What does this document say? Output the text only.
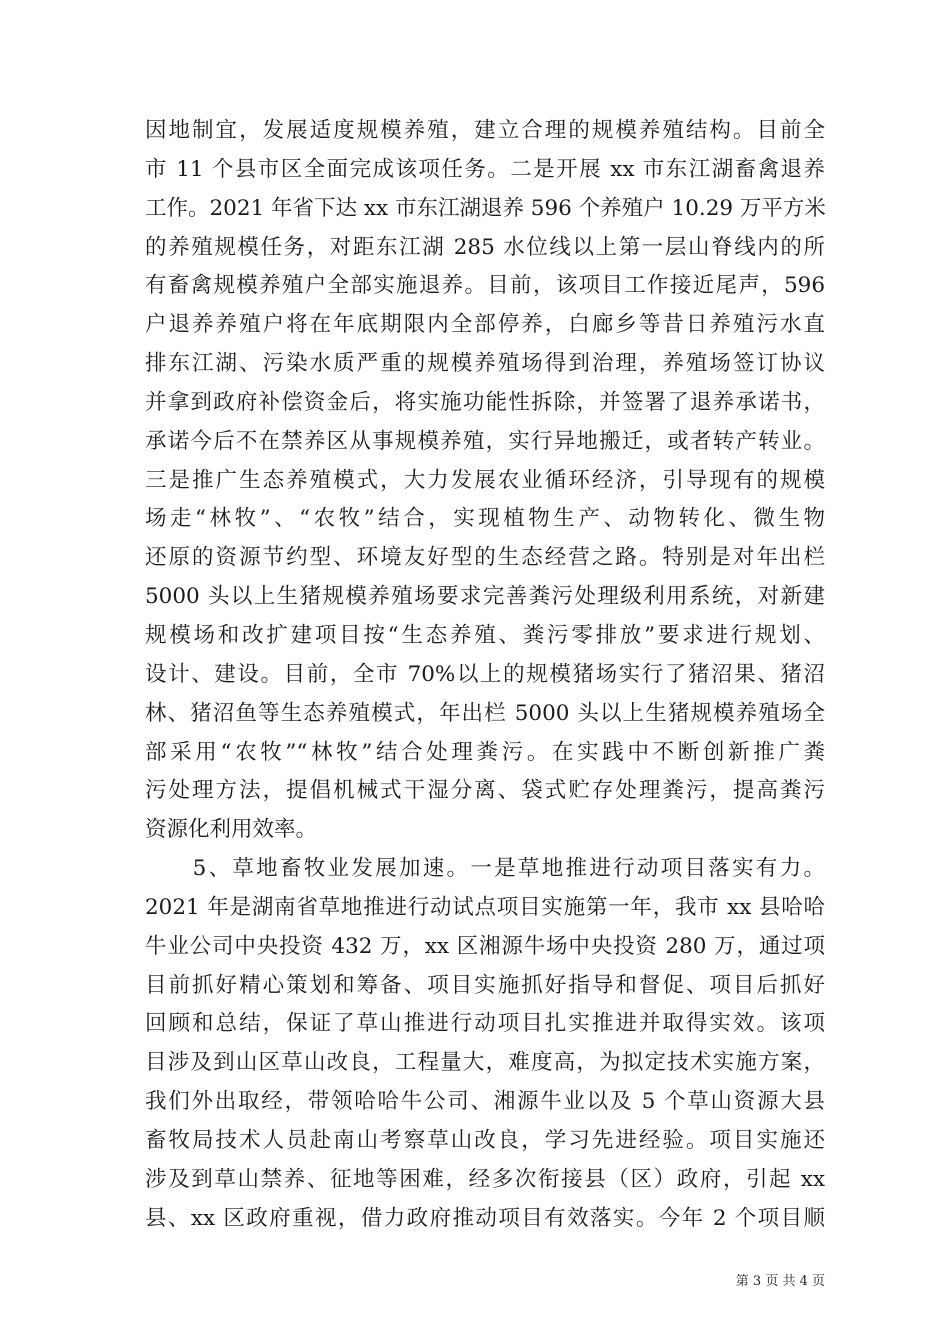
因地制宜，发展适度规模养殖，建立合理的规模养殖结构。目前全
市 11 个县市区全面完成该项任务。二是开展 xx 市东江湖畜禽退养
工作。2021 年省下达 xx 市东江湖退养 596 个养殖户 10.29 万平方米
的养殖规模任务，对距东江湖 285 水位线以上第一层山脊线内的所
有畜禽规模养殖户全部实施退养。目前，该项目工作接近尾声，596
户退养养殖户将在年底期限内全部停养，白廊乡等昔日养殖污水直
排东江湖、污染水质严重的规模养殖场得到治理，养殖场签订协议
并拿到政府补偿资金后，将实施功能性拆除，并签署了退养承诺书，
承诺今后不在禁养区从事规模养殖，实行异地搬迁，或者转产转业。
三是推广生态养殖模式，大力发展农业循环经济，引导现有的规模
场走“林牧”、“农牧”结合，实现植物生产、动物转化、微生物
还原的资源节约型、环境友好型的生态经营之路。特别是对年出栏
5000 头以上生猪规模养殖场要求完善粪污处理级利用系统，对新建
规模场和改扩建项目按“生态养殖、粪污零排放”要求进行规划、
设计、建设。目前，全市 70%以上的规模猪场实行了猪沼果、猪沼
林、猪沼鱼等生态养殖模式，年出栏 5000 头以上生猪规模养殖场全
部采用“农牧”“林牧”结合处理粪污。在实践中不断创新推广粪
污处理方法，提倡机械式干湿分离、袋式贮存处理粪污，提高粪污
资源化利用效率。
　　5、草地畜牧业发展加速。一是草地推进行动项目落实有力。
2021 年是湖南省草地推进行动试点项目实施第一年，我市 xx 县哈哈
牛业公司中央投资 432 万，xx 区湘源牛场中央投资 280 万，通过项
目前抓好精心策划和筹备、项目实施抓好指导和督促、项目后抓好
回顾和总结，保证了草山推进行动项目扎实推进并取得实效。该项
目涉及到山区草山改良，工程量大，难度高，为拟定技术实施方案，
我们外出取经，带领哈哈牛公司、湘源牛业以及 5 个草山资源大县
畜牧局技术人员赴南山考察草山改良，学习先进经验。项目实施还
涉及到草山禁养、征地等困难，经多次衔接县（区）政府，引起 xx
县、xx 区政府重视，借力政府推动项目有效落实。今年 2 个项目顺
第 3 页 共 4 页
